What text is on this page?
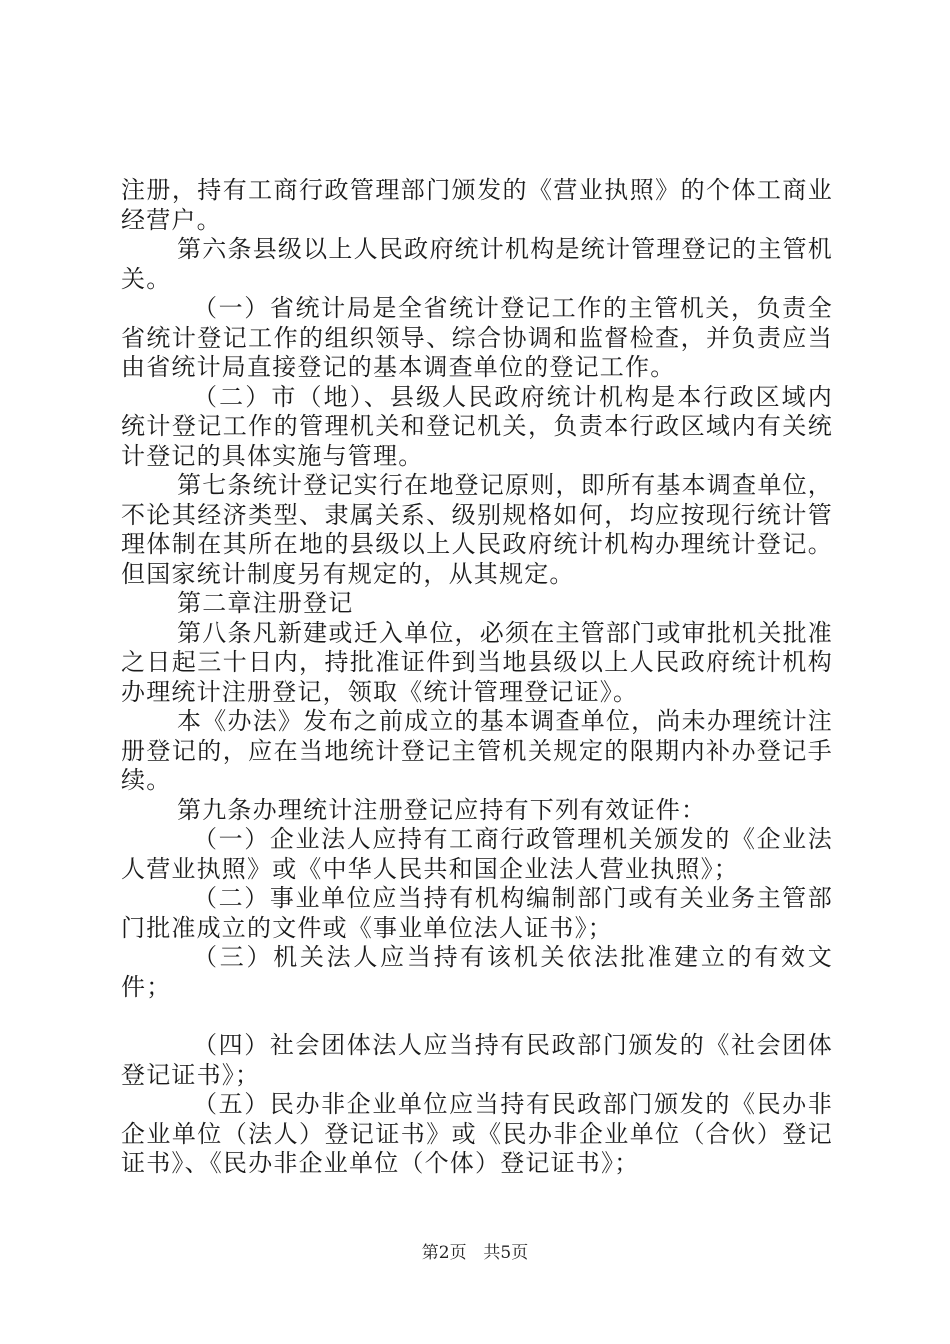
注册，持有工商行政管理部门颁发的《营业执照》的个体工商业经营户。

第六条县级以上人民政府统计机构是统计管理登记的主管机关。

（一）省统计局是全省统计登记工作的主管机关，负责全省统计登记工作的组织领导、综合协调和监督检查，并负责应当由省统计局直接登记的基本调查单位的登记工作。

（二）市（地）、县级人民政府统计机构是本行政区域内统计登记工作的管理机关和登记机关，负责本行政区域内有关统计登记的具体实施与管理。

第七条统计登记实行在地登记原则，即所有基本调查单位，不论其经济类型、隶属关系、级别规格如何，均应按现行统计管理体制在其所在地的县级以上人民政府统计机构办理统计登记。但国家统计制度另有规定的，从其规定。

第二章注册登记

第八条凡新建或迁入单位，必须在主管部门或审批机关批准之日起三十日内，持批准证件到当地县级以上人民政府统计机构办理统计注册登记，领取《统计管理登记证》。

本《办法》发布之前成立的基本调查单位，尚未办理统计注册登记的，应在当地统计登记主管机关规定的限期内补办登记手续。

第九条办理统计注册登记应持有下列有效证件：

（一）企业法人应持有工商行政管理机关颁发的《企业法人营业执照》或《中华人民共和国企业法人营业执照》；

（二）事业单位应当持有机构编制部门或有关业务主管部门批准成立的文件或《事业单位法人证书》；

（三）机关法人应当持有该机关依法批准建立的有效文件；

（四）社会团体法人应当持有民政部门颁发的《社会团体登记证书》；

（五）民办非企业单位应当持有民政部门颁发的《民办非企业单位（法人）登记证书》或《民办非企业单位（合伙）登记证书》、《民办非企业单位（个体）登记证书》；

第2页 共5页
